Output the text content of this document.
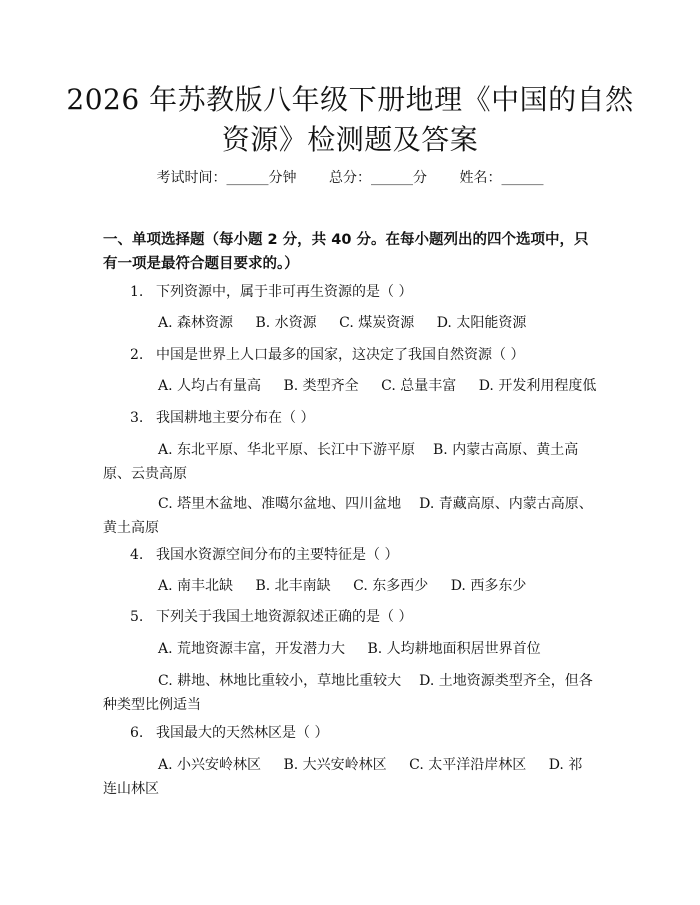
2026 年苏教版八年级下册地理《中国的自然
资源》检测题及答案
考试时间：______分钟 总分：______分 姓名：______
一、单项选择题（每小题 2 分，共 40 分。在每小题列出的四个选项中，只有一项是最符合题目要求的。）
1. 下列资源中，属于非可再生资源的是（ ）
A. 森林资源 B. 水资源 C. 煤炭资源 D. 太阳能资源
2. 中国是世界上人口最多的国家，这决定了我国自然资源（ ）
A. 人均占有量高 B. 类型齐全 C. 总量丰富 D. 开发利用程度低
3. 我国耕地主要分布在（ ）
A. 东北平原、华北平原、长江中下游平原 B. 内蒙古高原、黄土高原、云贵高原
C. 塔里木盆地、准噶尔盆地、四川盆地 D. 青藏高原、内蒙古高原、黄土高原
4. 我国水资源空间分布的主要特征是（ ）
A. 南丰北缺 B. 北丰南缺 C. 东多西少 D. 西多东少
5. 下列关于我国土地资源叙述正确的是（ ）
A. 荒地资源丰富，开发潜力大 B. 人均耕地面积居世界首位
C. 耕地、林地比重较小，草地比重较大 D. 土地资源类型齐全，但各种类型比例适当
6. 我国最大的天然林区是（ ）
A. 小兴安岭林区 B. 大兴安岭林区 C. 太平洋沿岸林区 D. 祁连山林区
